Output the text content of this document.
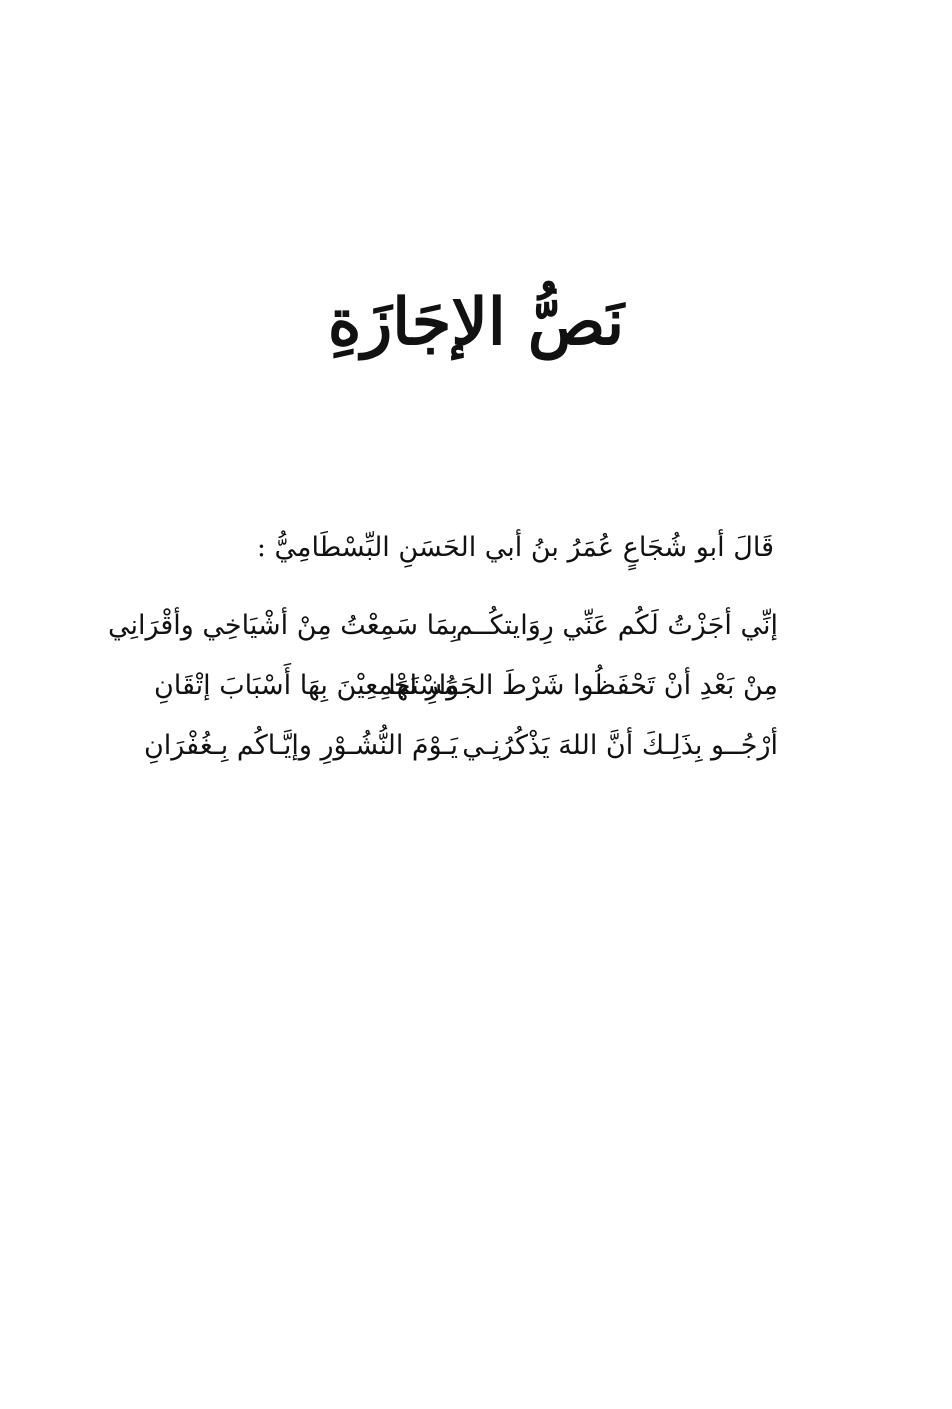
نَصُّ الإجَازَةِ
قَالَ أبو شُجَاعٍ عُمَرُ بنُ أبي الحَسَنِ البِّسْطَامِيُّ :
إنِّي أجَزْتُ لَكُم عَنِّي رِوَايتكُــم
بِمَا سَمِعْتُ مِنْ أشْيَاخِي وأقْرَانِي
مِنْ بَعْدِ أنْ تَحْفَظُوا شَرْطَ الجَوَازِ لهَا
مُسْتَجْمِعِيْنَ بِهَا أَسْبَابَ إتْقَانِ
أرْجُــو بِذَلِـكَ أنَّ اللهَ يَذْكُرُنِـي
يَـوْمَ النُّشُـوْرِ وإيَّـاكُم بِـغُفْرَانِ
